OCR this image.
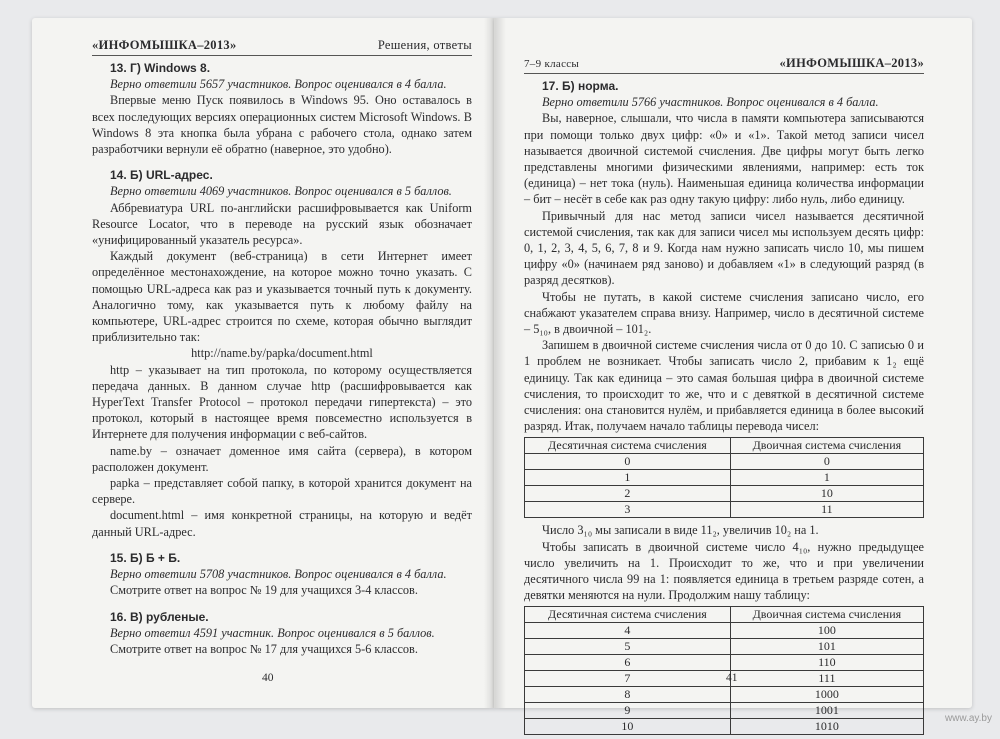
«ИНФОМЫШКА–2013»	Решения, ответы
13. Г) Windows 8.
Верно ответили 5657 участников. Вопрос оценивался в 4 балла.

Впервые меню Пуск появилось в Windows 95. Оно оставалось в всех последующих версиях операционных систем Microsoft Windows. В Windows 8 эта кнопка была убрана с рабочего стола, однако затем разработчики вернули её обратно (наверное, это удобно).

14. Б) URL-адрес.
Верно ответили 4069 участников. Вопрос оценивался в 5 баллов.

Аббревиатура URL по-английски расшифровывается как Uniform Resource Locator, что в переводе на русский язык обозначает «унифицированный указатель ресурса».

Каждый документ (веб-страница) в сети Интернет имеет определённое местонахождение, на которое можно точно указать. С помощью URL-адреса как раз и указывается точный путь к документу. Аналогично тому, как указывается путь к любому файлу на компьютере, URL-адрес строится по схеме, которая обычно выглядит приблизительно так:

http://name.by/papka/document.html

http – указывает на тип протокола, по которому осуществляется передача данных. В данном случае http (расшифровывается как HyperText Transfer Protocol – протокол передачи гипертекста) – это протокол, который в настоящее время повсеместно используется в Интернете для получения информации с веб-сайтов.

name.by – означает доменное имя сайта (сервера), в котором расположен документ.

papka – представляет собой папку, в которой хранится документ на сервере.

document.html – имя конкретной страницы, на которую и ведёт данный URL-адрес.

15. Б) Б + Б.
Верно ответили 5708 участников. Вопрос оценивался в 4 балла.

Смотрите ответ на вопрос № 19 для учащихся 3-4 классов.

16. В) рубленые.
Верно ответил 4591 участник. Вопрос оценивался в 5 баллов.

Смотрите ответ на вопрос № 17 для учащихся 5-6 классов.

40
7–9 классы	«ИНФОМЫШКА–2013»
17. Б) норма.
Верно ответили 5766 участников. Вопрос оценивался в 4 балла.

Вы, наверное, слышали, что числа в памяти компьютера записываются при помощи только двух цифр: «0» и «1». Такой метод записи чисел называется двоичной системой счисления. Две цифры могут быть легко представлены многими физическими явлениями, например: есть ток (единица) – нет тока (нуль). Наименьшая единица количества информации – бит – несёт в себе как раз одну такую цифру: либо нуль, либо единицу.

Привычный для нас метод записи чисел называется десятичной системой счисления, так как для записи чисел мы используем десять цифр: 0, 1, 2, 3, 4, 5, 6, 7, 8 и 9. Когда нам нужно записать число 10, мы пишем цифру «0» (начинаем ряд заново) и добавляем «1» в следующий разряд (в разряд десятков).

Чтобы не путать, в какой системе счисления записано число, его снабжают указателем справа внизу. Например, число в десятичной системе – 5₁₀, в двоичной – 101₂.

Запишем в двоичной системе счисления числа от 0 до 10. С записью 0 и 1 проблем не возникает. Чтобы записать число 2, прибавим к 1₂ ещё единицу. Так как единица – это самая большая цифра в двоичной системе счисления, то происходит то же, что и с девяткой в десятичной системе счисления: она становится нулём, и прибавляется единица в более высокий разряд. Итак, получаем начало таблицы перевода чисел:

Десятичная система счисления	Двоичная система счисления
0	0
1	1
2	10
3	11

Число 3₁₀ мы записали в виде 11₂, увеличив 10₂ на 1.

Чтобы записать в двоичной системе число 4₁₀, нужно предыдущее число увеличить на 1. Происходит то же, что и при увеличении десятичного числа 99 на 1: появляется единица в третьем разряде сотен, а девятки меняются на нули. Продолжим нашу таблицу:

Десятичная система счисления	Двоичная система счисления
4	100
5	101
6	110
7	111
8	1000
9	1001
10	1010
41
www.ay.by
